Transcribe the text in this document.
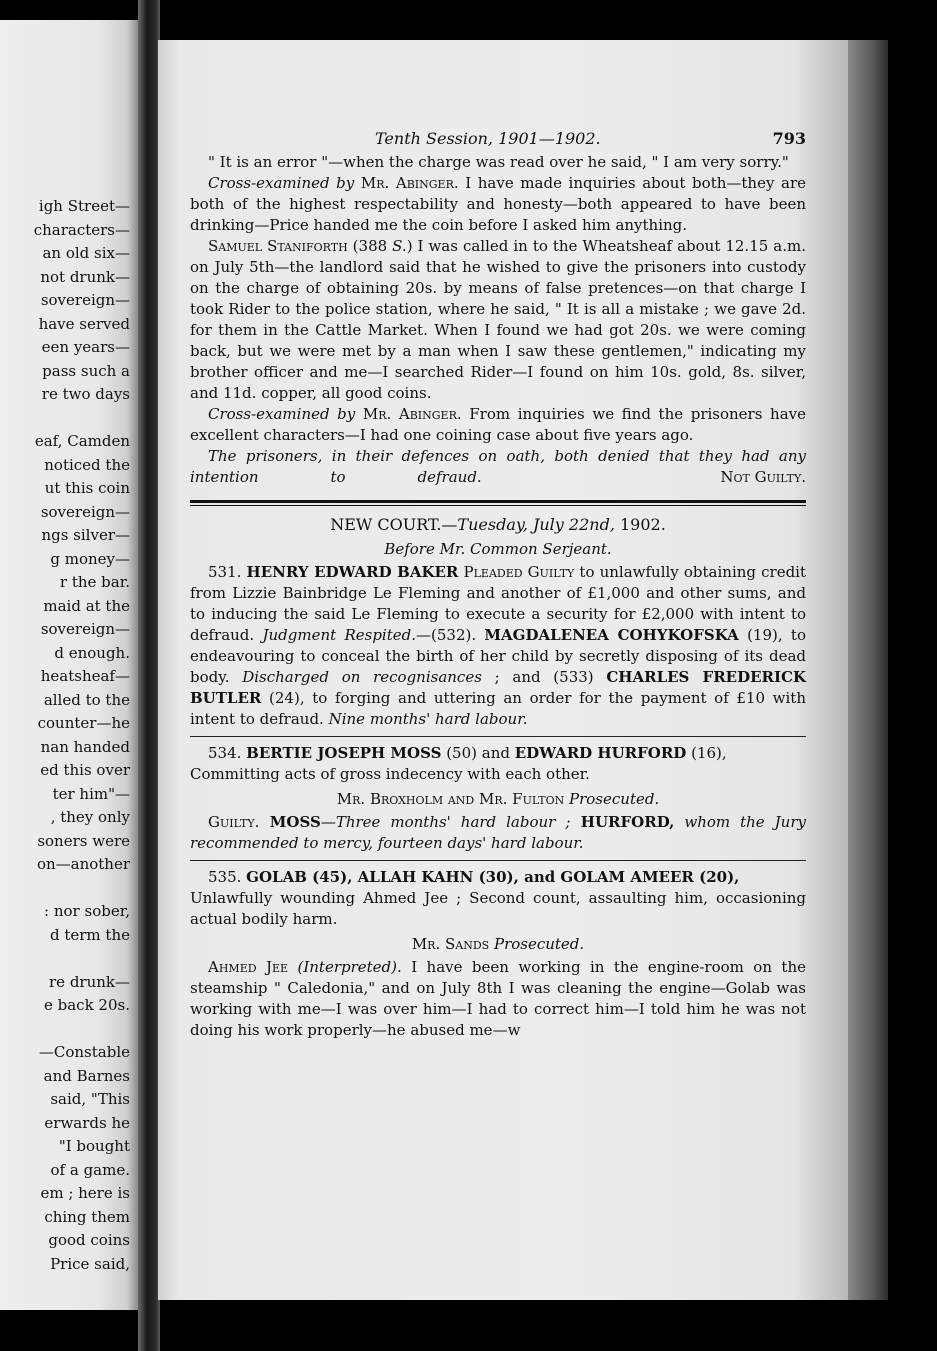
igh Street—
characters—
an old six—
not drunk—
sovereign—
have served
een years—
pass such a
re two days
eaf, Camden
noticed the
ut this coin
sovereign—
ngs silver—
g money—
r the bar.
maid at the
sovereign—
d enough.
heatsheaf—
alled to the
counter—he
nan handed
ed this over
ter him"—
, they only
soners were
on—another
: nor sober,
d term the
re drunk—
e back 20s.
—Constable
and Barnes
said, "This
erwards he
"I bought
of a game.
em ; here is
ching them
good coins
Price said,
Tenth Session, 1901—1902.	793

" It is an error "—when the charge was read over he said, " I am very sorry."

Cross-examined by Mr. Abinger. I have made inquiries about both—they are both of the highest respectability and honesty—both appeared to have been drinking—Price handed me the coin before I asked him anything.

Samuel Staniforth (388 S.) I was called in to the Wheatsheaf about 12.15 a.m. on July 5th—the landlord said that he wished to give the prisoners into custody on the charge of obtaining 20s. by means of false pretences—on that charge I took Rider to the police station, where he said, " It is all a mistake ; we gave 2d. for them in the Cattle Market. When I found we had got 20s. we were coming back, but we were met by a man when I saw these gentlemen," indicating my brother officer and me—I searched Rider—I found on him 10s. gold, 8s. silver, and 11d. copper, all good coins.

Cross-examined by Mr. Abinger. From inquiries we find the prisoners have excellent characters—I had one coining case about five years ago.

The prisoners, in their defences on oath, both denied that they had any intention to defraud.	Not Guilty.

NEW COURT.—Tuesday, July 22nd, 1902.

Before Mr. Common Serjeant.

531. HENRY EDWARD BAKER Pleaded Guilty to unlawfully obtaining credit from Lizzie Bainbridge Le Fleming and another of £1,000 and other sums, and to inducing the said Le Fleming to execute a security for £2,000 with intent to defraud. Judgment Respited.—(532). MAGDALENEA COHYKOFSKA (19), to endeavouring to conceal the birth of her child by secretly disposing of its dead body. Discharged on recognisances ; and (533) CHARLES FREDERICK BUTLER (24), to forging and uttering an order for the payment of £10 with intent to defraud. Nine months' hard labour.

534. BERTIE JOSEPH MOSS (50) and EDWARD HURFORD (16),
Committing acts of gross indecency with each other.

Mr. Broxholm and Mr. Fulton Prosecuted.

Guilty. MOSS—Three months' hard labour ; HURFORD, whom the Jury recommended to mercy, fourteen days' hard labour.

535. GOLAB (45), ALLAH KAHN (30), and GOLAM AMEER (20),
Unlawfully wounding Ahmed Jee ; Second count, assaulting him, occasioning actual bodily harm.

Mr. Sands Prosecuted.

Ahmed Jee (Interpreted). I have been working in the engine-room on the steamship " Caledonia," and on July 8th I was cleaning the engine—Golab was working with me—I was over him—I had to correct him—I told him he was not doing his work properly—he abused me—w
